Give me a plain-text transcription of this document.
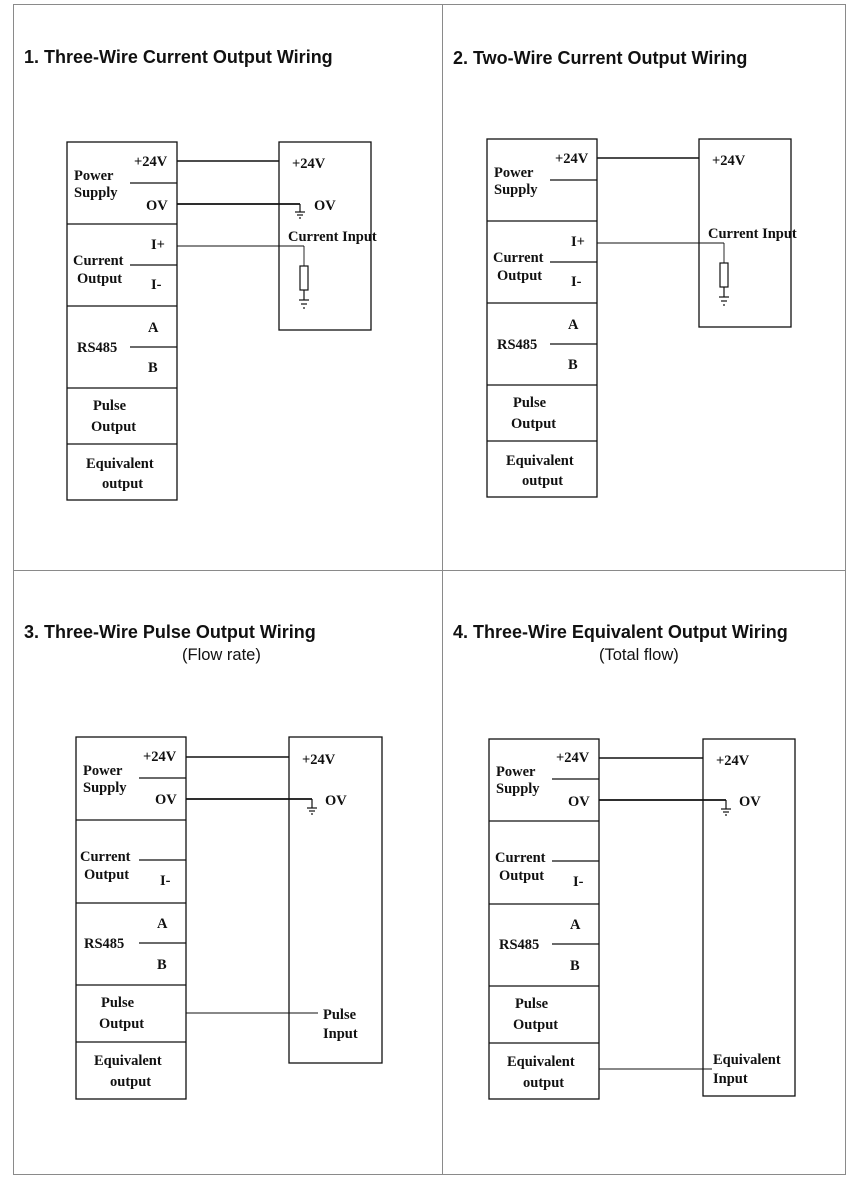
1. Three-Wire Current Output Wiring	2. Two-Wire Current Output Wiring
3. Three-Wire Pulse Output Wiring
(Flow rate)
4. Three-Wire Equivalent Output Wiring
(Total flow)
Power
Supply
+24V
OV
Current
Output
I+
I-
RS485
A
B
Pulse
Output
Equivalent
output
+24V
OV
Current Input
Power
Supply
+24V
Current
Output
I+
I-
RS485
A
B
Pulse
Output
Equivalent
output
+24V
Current Input
Power
Supply
+24V
OV
Current
Output I-
RS485
A
B
Pulse
Output
Equivalent
output
+24V
OV
Pulse
Input
Power
Supply
+24V
OV
Current
Output I-
RS485
A
B
Pulse
Output
Equivalent
output
+24V
OV
Equivalent
Input
